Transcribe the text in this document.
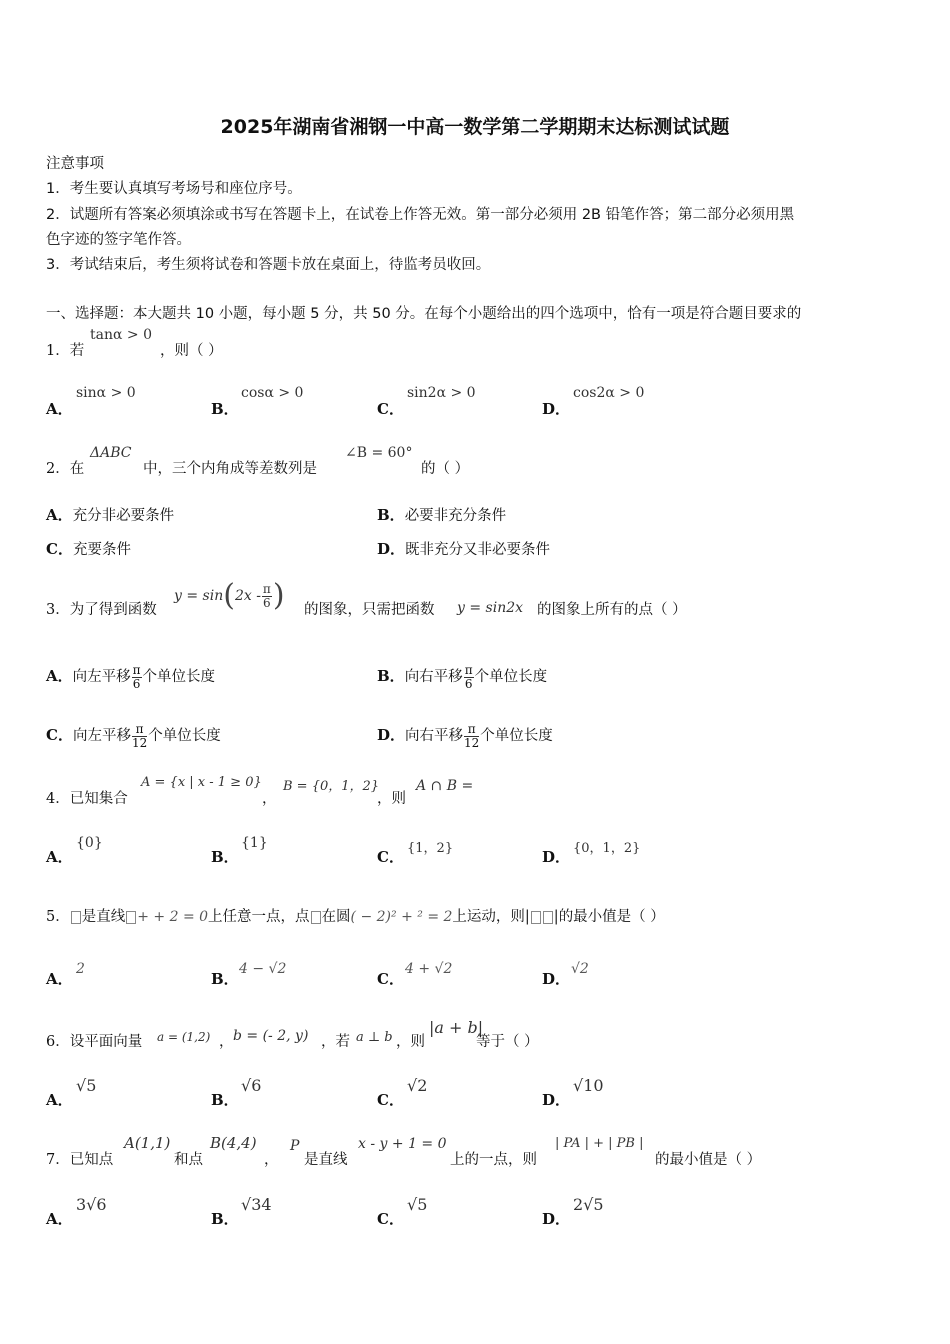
2025年湖南省湘钢一中高一数学第二学期期末达标测试试题
注意事项
1．考生要认真填写考场号和座位序号。
2．试题所有答案必须填涂或书写在答题卡上，在试卷上作答无效。第一部分必须用 2B 铅笔作答；第二部分必须用黑
色字迹的签字笔作答。
3．考试结束后，考生须将试卷和答题卡放在桌面上，待监考员收回。
一、选择题：本大题共 10 小题，每小题 5 分，共 50 分。在每个小题给出的四个选项中，恰有一项是符合题目要求的
1．若
tanα > 0
，则（ ）
A．
sinα > 0
B．
cosα > 0
C．
sin2α > 0
D．
cos2α > 0
2．在
ΔABC
中，三个内角成等差数列是
∠B = 60°
的（ ）
A．充分非必要条件	B．必要非充分条件
C．充要条件	D．既非充分又非必要条件
3．为了得到函数
$y = \sin(2x - \frac{\pi}{6}$ ) 的图象，只需把函数 y = sin2x 的图象上所有的点（ ）
A．向左平移 $\frac{\pi}{6}$ 个单位长度	B．向右平移 $\frac{\pi}{6}$ 个单位长度
C．向左平移 $\frac{\pi}{12}$ 个单位长度	D．向右平移 $\frac{\pi}{12}$ 个单位长度
4．已知集合
A = {x | x - 1 ≥ 0}
，
B = {0，1，2}
，则
A ∩ B =
A．
{0}
B．
{1}
C． {1，2}	D． {0，1，2}
5． 是直线 + + 2 = 0上任意一点，点 在圆( − 2)² + ² = 2上运动，则| |的最小值是（ ）
A．
2
B．
4 − √2
C．
4 + √2
D．
√2
6．设平面向量 a = (1,2) ， b = (- 2, y) ，若 a ⊥ b ，则
|a + b|
等于（ ）
A．
√5
B．
√6
C．
√2
D．
√10
7．已知点
A(1,1)
和点
B(4,4)
，
P
是直线
x - y + 1 = 0
上的一点，则
| PA | + | PB |
的最小值是（ ）
A．
3√6
B．
√34
C．
√5
D．
2√5
